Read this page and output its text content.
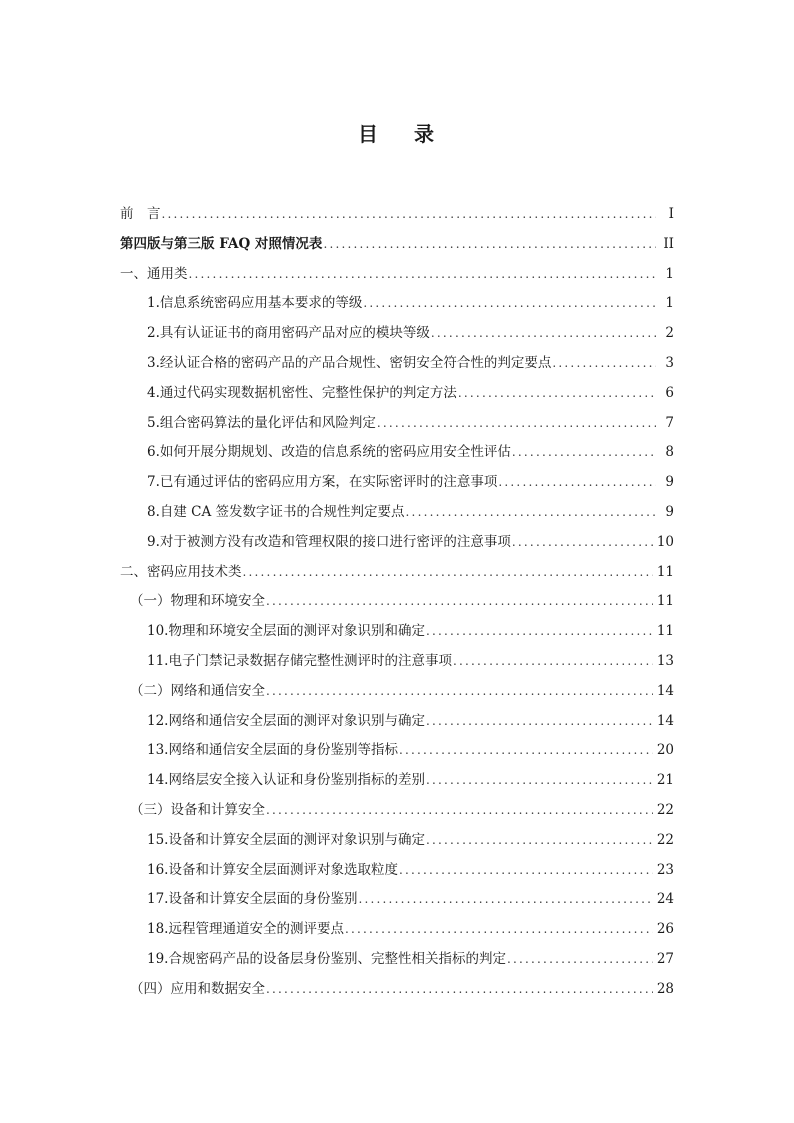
目 录
前　言 .....	I
第四版与第三版 FAQ 对照情况表 .....	II
一、通用类 .....	1
1.信息系统密码应用基本要求的等级 .....	1
2.具有认证证书的商用密码产品对应的模块等级 .....	2
3.经认证合格的密码产品的产品合规性、密钥安全符合性的判定要点 .....	3
4.通过代码实现数据机密性、完整性保护的判定方法 .....	6
5.组合密码算法的量化评估和风险判定 .....	7
6.如何开展分期规划、改造的信息系统的密码应用安全性评估 .....	8
7.已有通过评估的密码应用方案，在实际密评时的注意事项 .....	9
8.自建 CA 签发数字证书的合规性判定要点 .....	9
9.对于被测方没有改造和管理权限的接口进行密评的注意事项 .....	10
二、密码应用技术类 .....	11
（一）物理和环境安全 .....	11
10.物理和环境安全层面的测评对象识别和确定 .....	11
11.电子门禁记录数据存储完整性测评时的注意事项 .....	13
（二）网络和通信安全 .....	14
12.网络和通信安全层面的测评对象识别与确定 .....	14
13.网络和通信安全层面的身份鉴别等指标 .....	20
14.网络层安全接入认证和身份鉴别指标的差别 .....	21
（三）设备和计算安全 .....	22
15.设备和计算安全层面的测评对象识别与确定 .....	22
16.设备和计算安全层面测评对象选取粒度 .....	23
17.设备和计算安全层面的身份鉴别 .....	24
18.远程管理通道安全的测评要点 .....	26
19.合规密码产品的设备层身份鉴别、完整性相关指标的判定 .....	27
（四）应用和数据安全 .....	28
